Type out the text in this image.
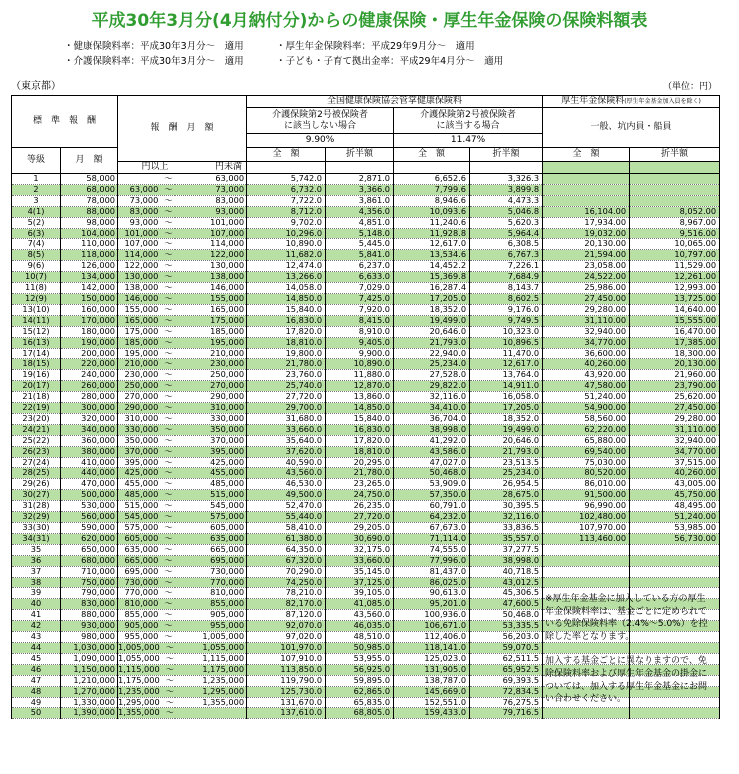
平成30年3月分(4月納付分)からの健康保険・厚生年金保険の保険料額表
・健康保険料率：平成30年3月分～　適用	・厚生年金保険料率：平成29年9月分～　適用
・介護保険料率：平成30年3月分～　適用	・子ども・子育て拠出金率：平成29年4月分～　適用
（東京都）	（単位：円）
標　準　報　酬		報　酬　月　額		全国健康保険協会管掌健康保険料				厚生年金保険料(厚生年金基金加入員を除く)	
				介護保険第2号被保険者
に該当しない場合		介護保険第2号被保険者
に該当する場合		一般、坑内員・船員	
				9.90%		11.47%			
等級	月　額			全　額	折半額	全　額	折半額	全　額	折半額
		円以上	円未満						
1	58,000	～	63,000	5,742.0	2,871.0	6,652.6	3,326.3		
2	68,000	63,000 ～	73,000	6,732.0	3,366.0	7,799.6	3,899.8		
3	78,000	73,000 ～	83,000	7,722.0	3,861.0	8,946.6	4,473.3		
4(1)	88,000	83,000 ～	93,000	8,712.0	4,356.0	10,093.6	5,046.8	16,104.00	8,052.00
5(2)	98,000	93,000 ～	101,000	9,702.0	4,851.0	11,240.6	5,620.3	17,934.00	8,967.00
6(3)	104,000	101,000 ～	107,000	10,296.0	5,148.0	11,928.8	5,964.4	19,032.00	9,516.00
7(4)	110,000	107,000 ～	114,000	10,890.0	5,445.0	12,617.0	6,308.5	20,130.00	10,065.00
8(5)	118,000	114,000 ～	122,000	11,682.0	5,841.0	13,534.6	6,767.3	21,594.00	10,797.00
9(6)	126,000	122,000 ～	130,000	12,474.0	6,237.0	14,452.2	7,226.1	23,058.00	11,529.00
10(7)	134,000	130,000 ～	138,000	13,266.0	6,633.0	15,369.8	7,684.9	24,522.00	12,261.00
11(8)	142,000	138,000 ～	146,000	14,058.0	7,029.0	16,287.4	8,143.7	25,986.00	12,993.00
12(9)	150,000	146,000 ～	155,000	14,850.0	7,425.0	17,205.0	8,602.5	27,450.00	13,725.00
13(10)	160,000	155,000 ～	165,000	15,840.0	7,920.0	18,352.0	9,176.0	29,280.00	14,640.00
14(11)	170,000	165,000 ～	175,000	16,830.0	8,415.0	19,499.0	9,749.5	31,110.00	15,555.00
15(12)	180,000	175,000 ～	185,000	17,820.0	8,910.0	20,646.0	10,323.0	32,940.00	16,470.00
16(13)	190,000	185,000 ～	195,000	18,810.0	9,405.0	21,793.0	10,896.5	34,770.00	17,385.00
17(14)	200,000	195,000 ～	210,000	19,800.0	9,900.0	22,940.0	11,470.0	36,600.00	18,300.00
18(15)	220,000	210,000 ～	230,000	21,780.0	10,890.0	25,234.0	12,617.0	40,260.00	20,130.00
19(16)	240,000	230,000 ～	250,000	23,760.0	11,880.0	27,528.0	13,764.0	43,920.00	21,960.00
20(17)	260,000	250,000 ～	270,000	25,740.0	12,870.0	29,822.0	14,911.0	47,580.00	23,790.00
21(18)	280,000	270,000 ～	290,000	27,720.0	13,860.0	32,116.0	16,058.0	51,240.00	25,620.00
22(19)	300,000	290,000 ～	310,000	29,700.0	14,850.0	34,410.0	17,205.0	54,900.00	27,450.00
23(20)	320,000	310,000 ～	330,000	31,680.0	15,840.0	36,704.0	18,352.0	58,560.00	29,280.00
24(21)	340,000	330,000 ～	350,000	33,660.0	16,830.0	38,998.0	19,499.0	62,220.00	31,110.00
25(22)	360,000	350,000 ～	370,000	35,640.0	17,820.0	41,292.0	20,646.0	65,880.00	32,940.00
26(23)	380,000	370,000 ～	395,000	37,620.0	18,810.0	43,586.0	21,793.0	69,540.00	34,770.00
27(24)	410,000	395,000 ～	425,000	40,590.0	20,295.0	47,027.0	23,513.5	75,030.00	37,515.00
28(25)	440,000	425,000 ～	455,000	43,560.0	21,780.0	50,468.0	25,234.0	80,520.00	40,260.00
29(26)	470,000	455,000 ～	485,000	46,530.0	23,265.0	53,909.0	26,954.5	86,010.00	43,005.00
30(27)	500,000	485,000 ～	515,000	49,500.0	24,750.0	57,350.0	28,675.0	91,500.00	45,750.00
31(28)	530,000	515,000 ～	545,000	52,470.0	26,235.0	60,791.0	30,395.5	96,990.00	48,495.00
32(29)	560,000	545,000 ～	575,000	55,440.0	27,720.0	64,232.0	32,116.0	102,480.00	51,240.00
33(30)	590,000	575,000 ～	605,000	58,410.0	29,205.0	67,673.0	33,836.5	107,970.00	53,985.00
34(31)	620,000	605,000 ～	635,000	61,380.0	30,690.0	71,114.0	35,557.0	113,460.00	56,730.00
35	650,000	635,000 ～	665,000	64,350.0	32,175.0	74,555.0	37,277.5		
36	680,000	665,000 ～	695,000	67,320.0	33,660.0	77,996.0	38,998.0		
37	710,000	695,000 ～	730,000	70,290.0	35,145.0	81,437.0	40,718.5		
38	750,000	730,000 ～	770,000	74,250.0	37,125.0	86,025.0	43,012.5		
39	790,000	770,000 ～	810,000	78,210.0	39,105.0	90,613.0	45,306.5		
40	830,000	810,000 ～	855,000	82,170.0	41,085.0	95,201.0	47,600.5		
41	880,000	855,000 ～	905,000	87,120.0	43,560.0	100,936.0	50,468.0		
42	930,000	905,000 ～	955,000	92,070.0	46,035.0	106,671.0	53,335.5		
43	980,000	955,000 ～	1,005,000	97,020.0	48,510.0	112,406.0	56,203.0		
44	1,030,000	1,005,000 ～	1,055,000	101,970.0	50,985.0	118,141.0	59,070.5		
45	1,090,000	1,055,000 ～	1,115,000	107,910.0	53,955.0	125,023.0	62,511.5		
46	1,150,000	1,115,000 ～	1,175,000	113,850.0	56,925.0	131,905.0	65,952.5		
47	1,210,000	1,175,000 ～	1,235,000	119,790.0	59,895.0	138,787.0	69,393.5		
48	1,270,000	1,235,000 ～	1,295,000	125,730.0	62,865.0	145,669.0	72,834.5		
49	1,330,000	1,295,000 ～	1,355,000	131,670.0	65,835.0	152,551.0	76,275.5		
50	1,390,000	1,355,000 ～		137,610.0	68,805.0	159,433.0	79,716.5		

※厚生年金基金に加入している方の厚生年金保険料率は、基金ごとに定められている免除保険料率（2.4%～5.0%）を控除した率となります。

加入する基金ごとに異なりますので、免除保険料率および厚生年金基金の掛金については、加入する厚生年金基金にお問い合わせください。
